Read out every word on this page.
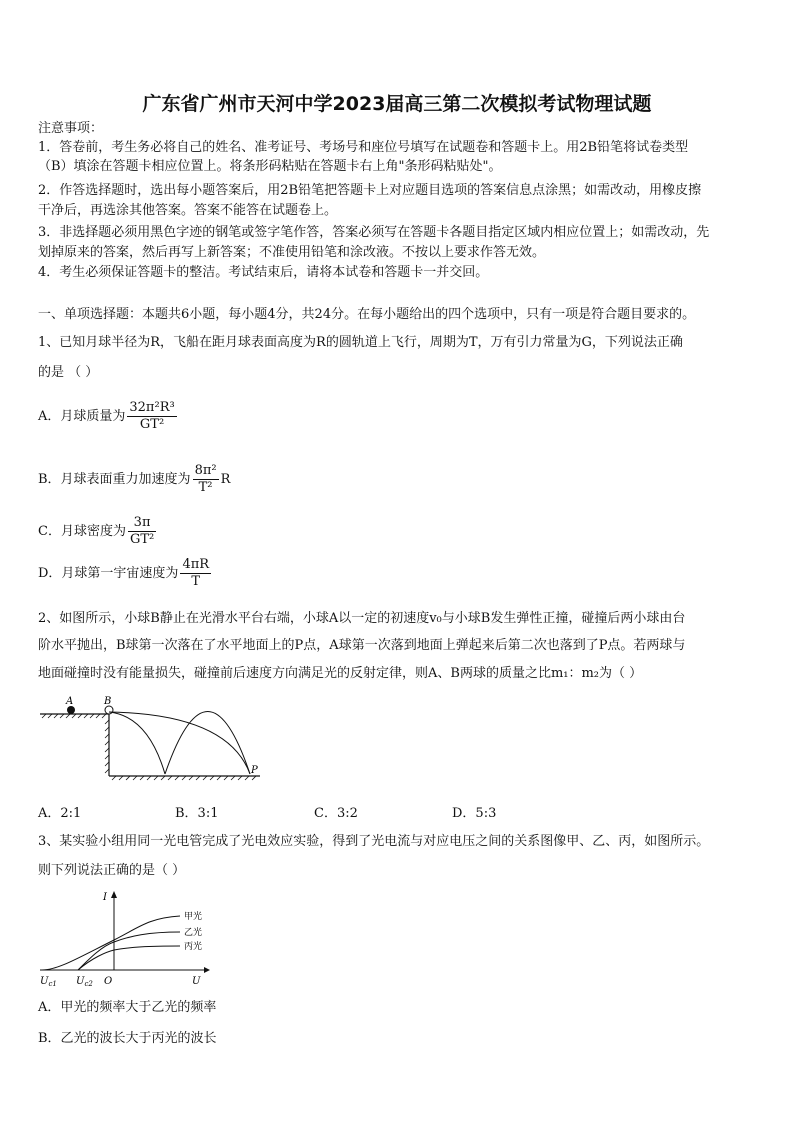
广东省广州市天河中学2023届高三第二次模拟考试物理试题
注意事项：
1．答卷前，考生务必将自己的姓名、准考证号、考场号和座位号填写在试题卷和答题卡上。用2B铅笔将试卷类型
（B）填涂在答题卡相应位置上。将条形码粘贴在答题卡右上角"条形码粘贴处"。
2．作答选择题时，选出每小题答案后，用2B铅笔把答题卡上对应题目选项的答案信息点涂黑；如需改动，用橡皮擦
干净后，再选涂其他答案。答案不能答在试题卷上。
3．非选择题必须用黑色字迹的钢笔或签字笔作答，答案必须写在答题卡各题目指定区域内相应位置上；如需改动，先
划掉原来的答案，然后再写上新答案；不准使用铅笔和涂改液。不按以上要求作答无效。
4．考生必须保证答题卡的整洁。考试结束后，请将本试卷和答题卡一并交回。
一、单项选择题：本题共6小题，每小题4分，共24分。在每小题给出的四个选项中，只有一项是符合题目要求的。
1、已知月球半径为R，飞船在距月球表面高度为R的圆轨道上飞行，周期为T，万有引力常量为G，下列说法正确
的是 （ ）
A．月球质量为 $\frac{\text{32π²R³}}{\text{GT²}}$
B．月球表面重力加速度为 $\frac{\text{8π²}}{\text{T²}}$ R
C．月球密度为 $\frac{3\pi}{\text{GT²}}$
D．月球第一宇宙速度为 $\frac{4\pi R}{T}$
2、如图所示，小球B静止在光滑水平台右端，小球A以一定的初速度v₀与小球B发生弹性正撞，碰撞后两小球由台
阶水平抛出，B球第一次落在了水平地面上的P点，A球第一次落到地面上弹起来后第二次也落到了P点。若两球与
地面碰撞时没有能量损失，碰撞前后速度方向满足光的反射定律，则A、B两球的质量之比m₁：m₂为（ ）
A	B
P
A．2:1	B．3:1	C．3:2	D．5:3
3、某实验小组用同一光电管完成了光电效应实验，得到了光电流与对应电压之间的关系图像甲、乙、丙，如图所示。
则下列说法正确的是（ ）
甲光
乙光
丙光
I
U
O
$U_{c1}$ $U_{c2}$
A．甲光的频率大于乙光的频率
B．乙光的波长大于丙光的波长
